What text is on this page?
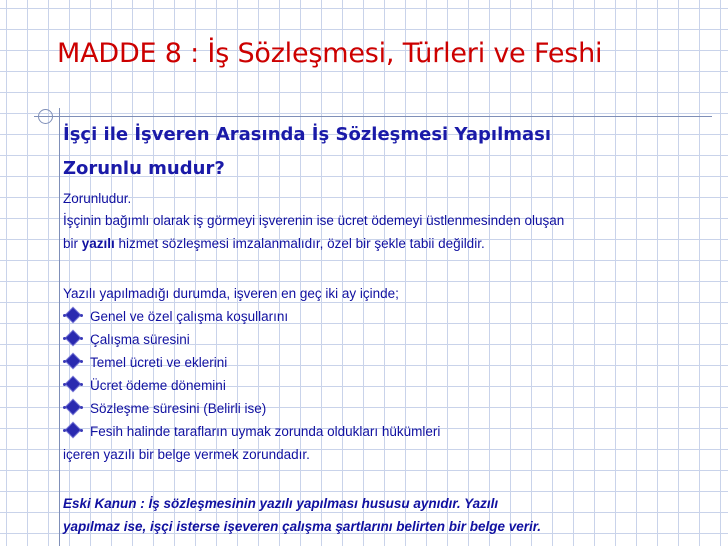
MADDE 8 : İş Sözleşmesi, Türleri ve Feshi
İşçi ile İşveren Arasında İş Sözleşmesi Yapılması
Zorunlu mudur?
Zorunludur.
İşçinin bağımlı olarak iş görmeyi işverenin ise ücret ödemeyi üstlenmesinden oluşan
bir yazılı hizmet sözleşmesi imzalanmalıdır, özel bir şekle tabii değildir.
Yazılı yapılmadığı durumda, işveren en geç iki ay içinde;
Genel ve özel çalışma koşullarını
Çalışma süresini
Temel ücreti ve eklerini
Ücret ödeme dönemini
Sözleşme süresini (Belirli ise)
Fesih halinde tarafların uymak zorunda oldukları hükümleri
içeren yazılı bir belge vermek zorundadır.
Eski Kanun : İş sözleşmesinin yazılı yapılması hususu aynıdır. Yazılı
yapılmaz ise, işçi isterse işeveren çalışma şartlarını belirten bir belge verir.
